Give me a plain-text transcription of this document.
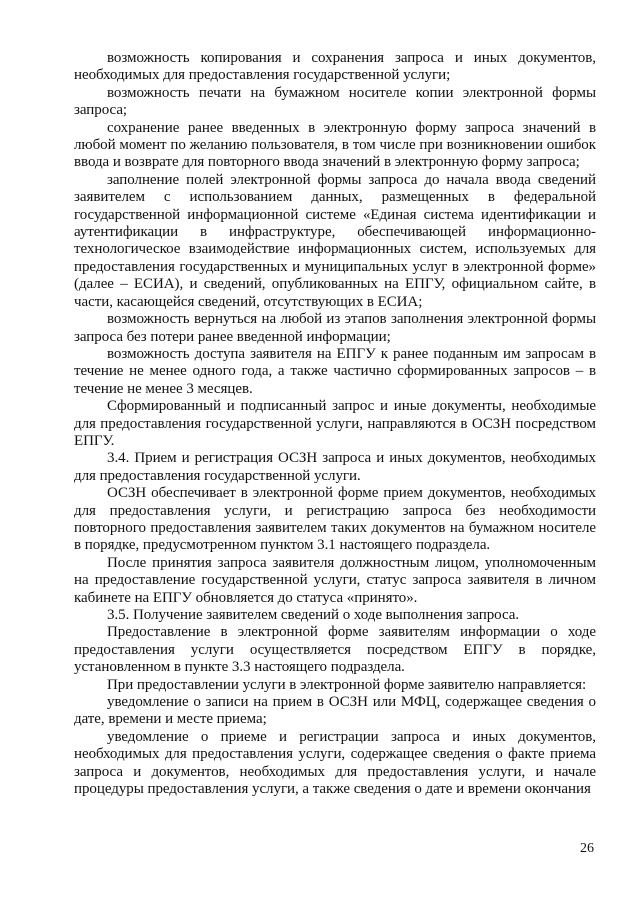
возможность копирования и сохранения запроса и иных документов, необходимых для предоставления государственной услуги;

возможность печати на бумажном носителе копии электронной формы запроса;

сохранение ранее введенных в электронную форму запроса значений в любой момент по желанию пользователя, в том числе при возникновении ошибок ввода и возврате для повторного ввода значений в электронную форму запроса;

заполнение полей электронной формы запроса до начала ввода сведений заявителем с использованием данных, размещенных в федеральной государственной информационной системе «Единая система идентификации и аутентификации в инфраструктуре, обеспечивающей информационно-технологическое взаимодействие информационных систем, используемых для предоставления государственных и муниципальных услуг в электронной форме» (далее – ЕСИА), и сведений, опубликованных на ЕПГУ, официальном сайте, в части, касающейся сведений, отсутствующих в ЕСИА;

возможность вернуться на любой из этапов заполнения электронной формы запроса без потери ранее введенной информации;

возможность доступа заявителя на ЕПГУ к ранее поданным им запросам в течение не менее одного года, а также частично сформированных запросов – в течение не менее 3 месяцев.

Сформированный и подписанный запрос и иные документы, необходимые для предоставления государственной услуги, направляются в ОСЗН посредством ЕПГУ.

3.4. Прием и регистрация ОСЗН запроса и иных документов, необходимых для предоставления государственной услуги.

ОСЗН обеспечивает в электронной форме прием документов, необходимых для предоставления услуги, и регистрацию запроса без необходимости повторного предоставления заявителем таких документов на бумажном носителе в порядке, предусмотренном пунктом 3.1 настоящего подраздела.

После принятия запроса заявителя должностным лицом, уполномоченным на предоставление государственной услуги, статус запроса заявителя в личном кабинете на ЕПГУ обновляется до статуса «принято».

3.5. Получение заявителем сведений о ходе выполнения запроса.

Предоставление в электронной форме заявителям информации о ходе предоставления услуги осуществляется посредством ЕПГУ в порядке, установленном в пункте 3.3 настоящего подраздела.

При предоставлении услуги в электронной форме заявителю направляется:

уведомление о записи на прием в ОСЗН или МФЦ, содержащее сведения о дате, времени и месте приема;

уведомление о приеме и регистрации запроса и иных документов, необходимых для предоставления услуги, содержащее сведения о факте приема запроса и документов, необходимых для предоставления услуги, и начале процедуры предоставления услуги, а также сведения о дате и времени окончания

26
